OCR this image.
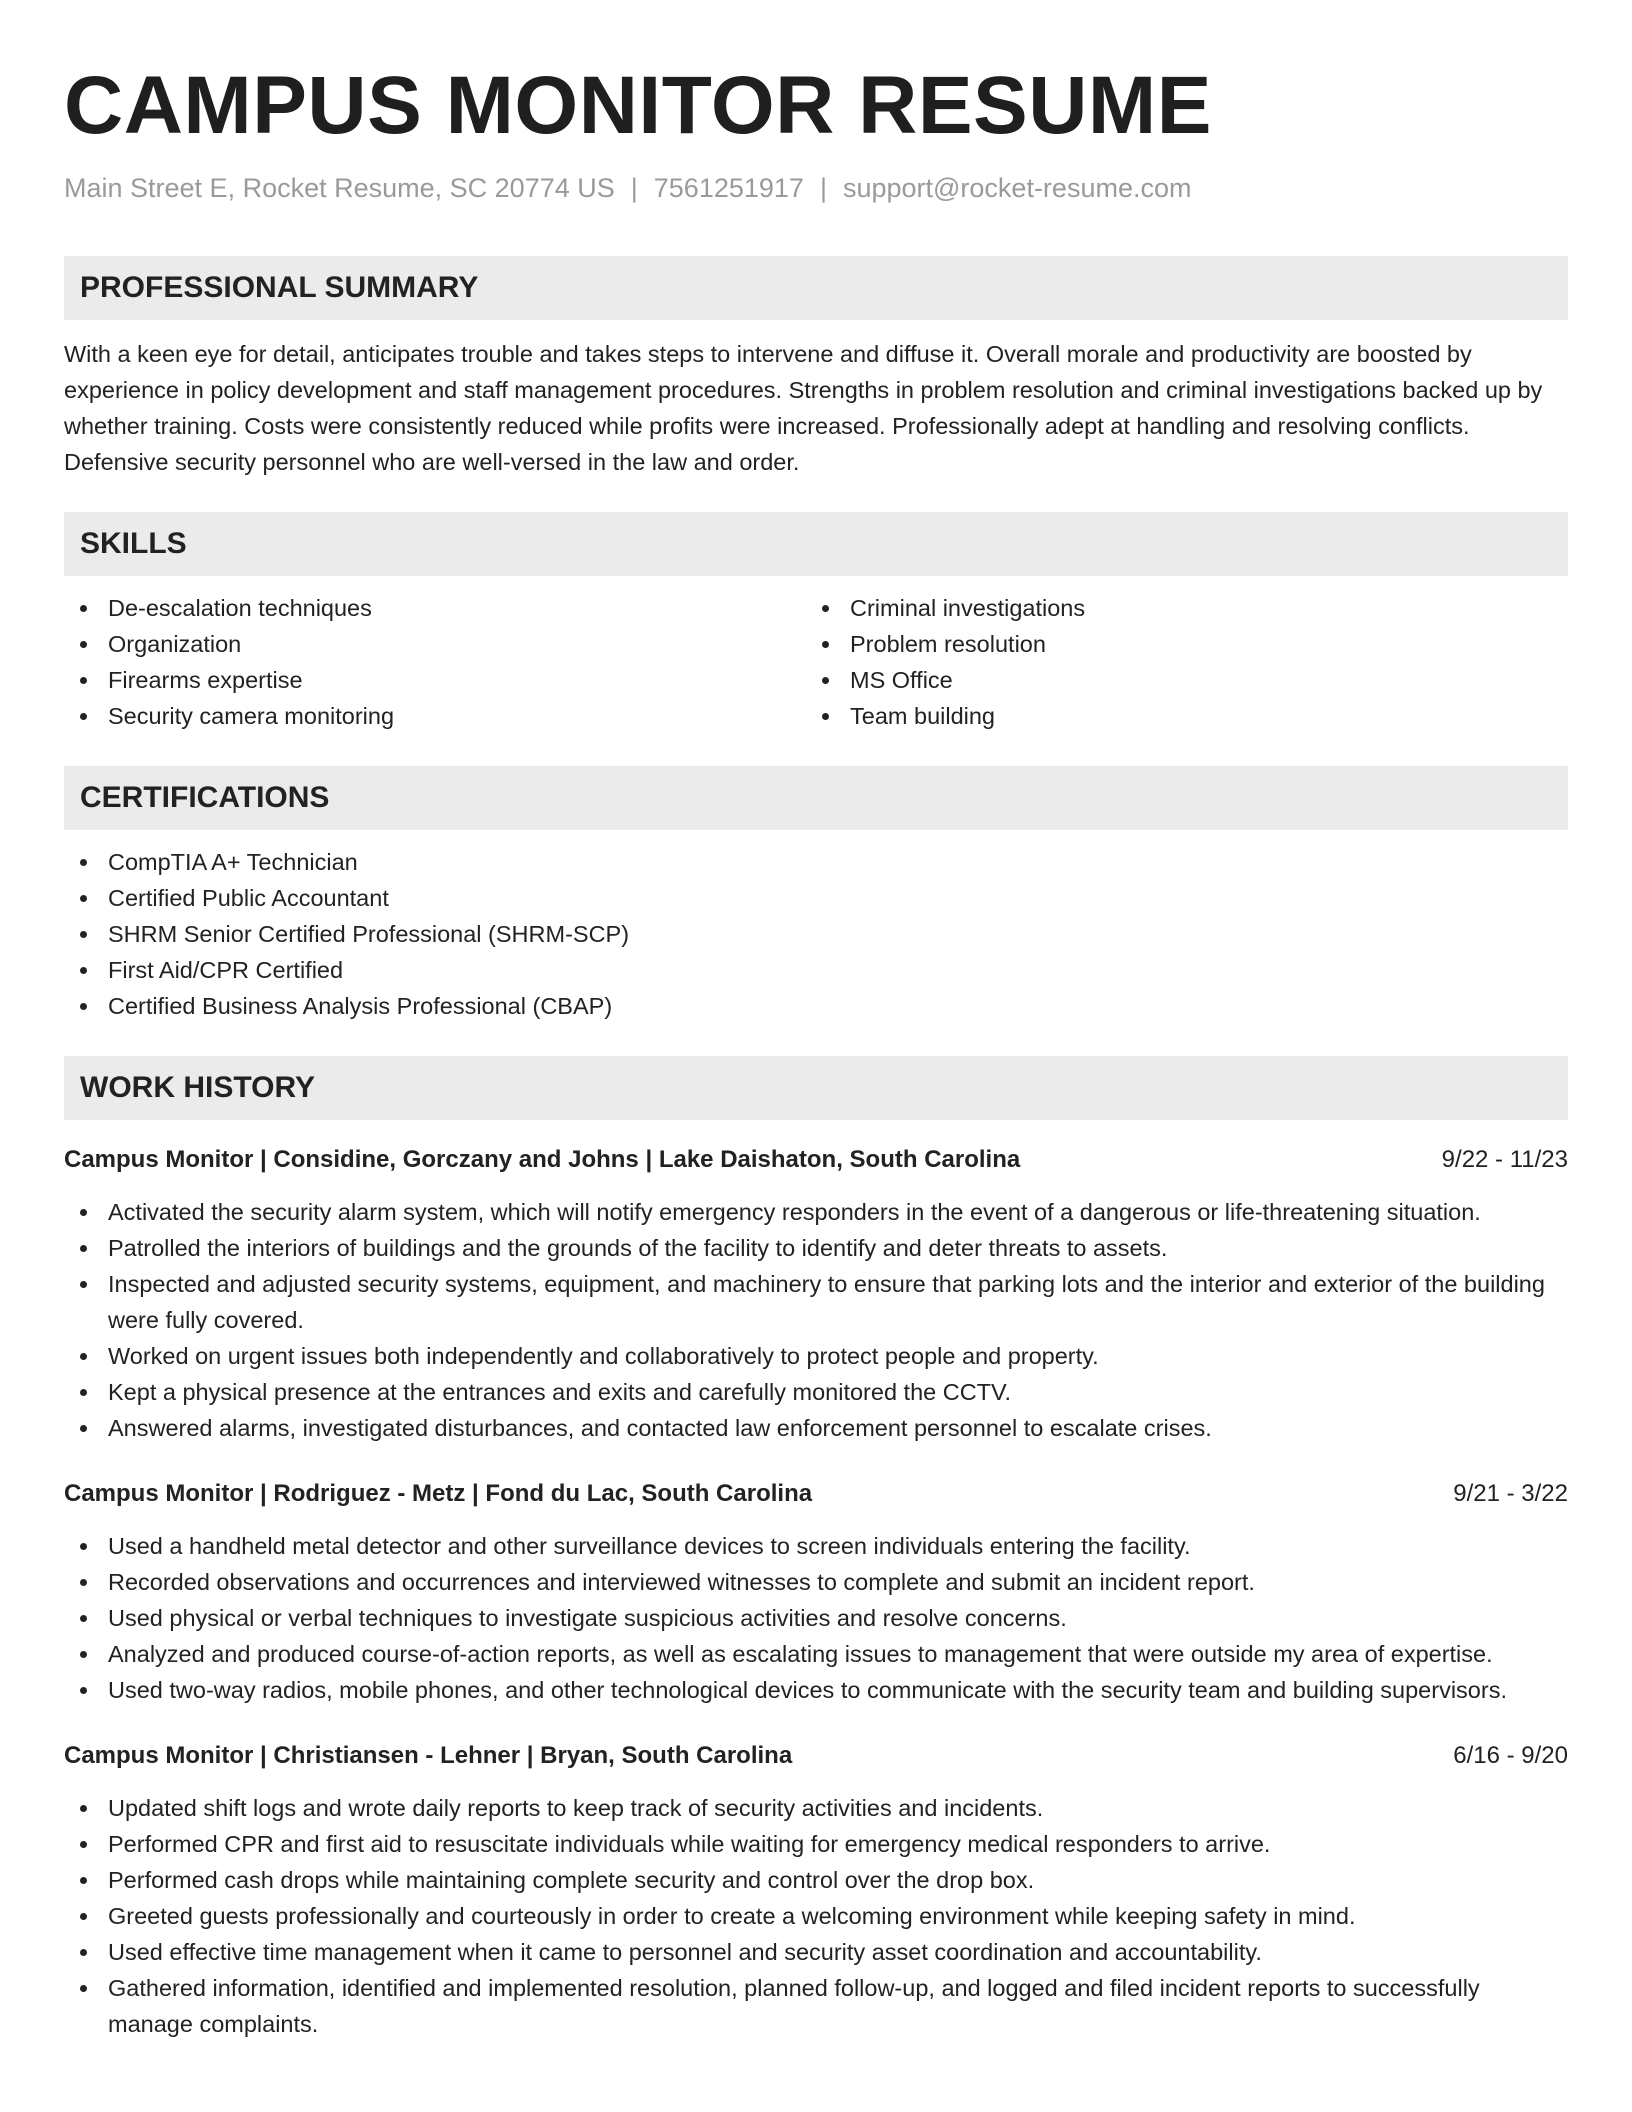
CAMPUS MONITOR RESUME
Main Street E, Rocket Resume, SC 20774 US | 7561251917 | support@rocket-resume.com
PROFESSIONAL SUMMARY

With a keen eye for detail, anticipates trouble and takes steps to intervene and diffuse it. Overall morale and productivity are boosted by experience in policy development and staff management procedures. Strengths in problem resolution and criminal investigations backed up by whether training. Costs were consistently reduced while profits were increased. Professionally adept at handling and resolving conflicts. Defensive security personnel who are well-versed in the law and order.

SKILLS
De-escalation techniques
Organization
Firearms expertise
Security camera monitoring
Criminal investigations
Problem resolution
MS Office
Team building
CERTIFICATIONS
CompTIA A+ Technician
Certified Public Accountant
SHRM Senior Certified Professional (SHRM-SCP)
First Aid/CPR Certified
Certified Business Analysis Professional (CBAP)
WORK HISTORY
Campus Monitor | Considine, Gorczany and Johns | Lake Daishaton, South Carolina	9/22 - 11/23
Activated the security alarm system, which will notify emergency responders in the event of a dangerous or life-threatening situation.
Patrolled the interiors of buildings and the grounds of the facility to identify and deter threats to assets.
Inspected and adjusted security systems, equipment, and machinery to ensure that parking lots and the interior and exterior of the building were fully covered.
Worked on urgent issues both independently and collaboratively to protect people and property.
Kept a physical presence at the entrances and exits and carefully monitored the CCTV.
Answered alarms, investigated disturbances, and contacted law enforcement personnel to escalate crises.
Campus Monitor | Rodriguez - Metz | Fond du Lac, South Carolina	9/21 - 3/22
Used a handheld metal detector and other surveillance devices to screen individuals entering the facility.
Recorded observations and occurrences and interviewed witnesses to complete and submit an incident report.
Used physical or verbal techniques to investigate suspicious activities and resolve concerns.
Analyzed and produced course-of-action reports, as well as escalating issues to management that were outside my area of expertise.
Used two-way radios, mobile phones, and other technological devices to communicate with the security team and building supervisors.
Campus Monitor | Christiansen - Lehner | Bryan, South Carolina	6/16 - 9/20
Updated shift logs and wrote daily reports to keep track of security activities and incidents.
Performed CPR and first aid to resuscitate individuals while waiting for emergency medical responders to arrive.
Performed cash drops while maintaining complete security and control over the drop box.
Greeted guests professionally and courteously in order to create a welcoming environment while keeping safety in mind.
Used effective time management when it came to personnel and security asset coordination and accountability.
Gathered information, identified and implemented resolution, planned follow-up, and logged and filed incident reports to successfully manage complaints.
